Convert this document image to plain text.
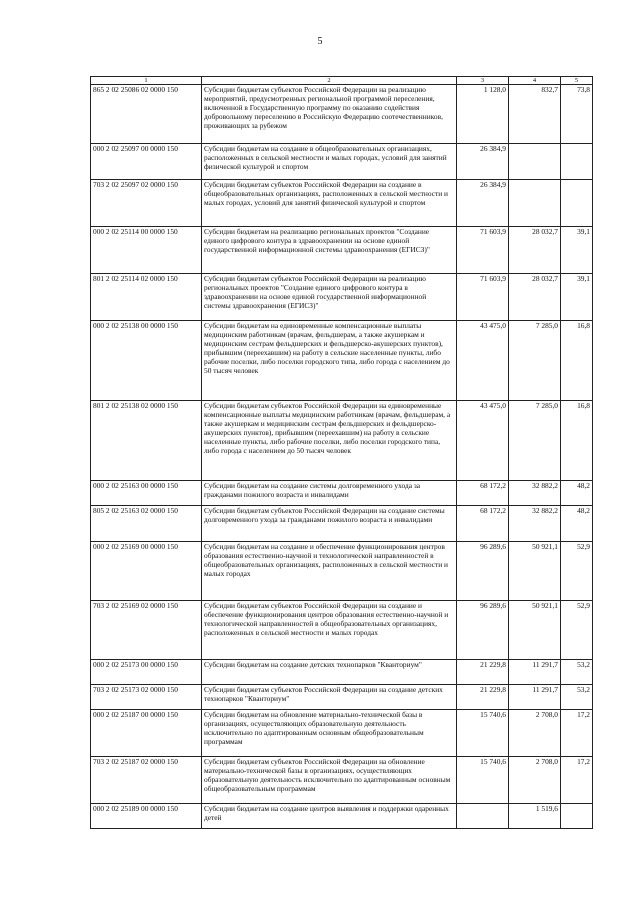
5
1	2	3	4	5
865 2 02 25086 02 0000 150	Субсидии бюджетам субъектов Российской Федерации на реализацию мероприятий, предусмотренных региональной программой переселения, включенной в Государственную программу по оказанию содействия добровольному переселению в Российскую Федерацию соотечественников, проживающих за рубежом	1 128,0	832,7	73,8
000 2 02 25097 00 0000 150	Субсидии бюджетам на создание в общеобразовательных организациях, расположенных в сельской местности и малых городах, условий для занятий физической культурой и спортом	26 384,9		
703 2 02 25097 02 0000 150	Субсидии бюджетам субъектов Российской Федерации на создание в общеобразовательных организациях, расположенных в сельской местности и малых городах, условий для занятий физической культурой и спортом	26 384,9		
000 2 02 25114 00 0000 150	Субсидии бюджетам на реализацию региональных проектов "Создание единого цифрового контура в здравоохранении на основе единой государственной информационной системы здравоохранения (ЕГИСЗ)"	71 603,9	28 032,7	39,1
801 2 02 25114 02 0000 150	Субсидии бюджетам субъектов Российской Федерации на реализацию региональных проектов "Создание единого цифрового контура в здравоохранении на основе единой государственной информационной системы здравоохранения (ЕГИСЗ)"	71 603,9	28 032,7	39,1
000 2 02 25138 00 0000 150	Субсидии бюджетам на единовременные компенсационные выплаты медицинским работникам (врачам, фельдшерам, а также акушеркам и медицинским сестрам фельдшерских и фельдшерско-акушерских пунктов), прибывшим (переехавшим) на работу в сельские населенные пункты, либо рабочие поселки, либо поселки городского типа, либо города с населением до 50 тысяч человек	43 475,0	7 285,0	16,8
801 2 02 25138 02 0000 150	Субсидии бюджетам субъектов Российской Федерации на единовременные компенсационные выплаты медицинским работникам (врачам, фельдшерам, а также акушеркам и медицинским сестрам фельдшерских и фельдшерско-акушерских пунктов), прибывшим (переехавшим) на работу в сельские населенные пункты, либо рабочие поселки, либо поселки городского типа, либо города с населением до 50 тысяч человек	43 475,0	7 285,0	16,8
000 2 02 25163 00 0000 150	Субсидии бюджетам на создание системы долговременного ухода за гражданами пожилого возраста и инвалидами	68 172,2	32 882,2	48,2
805 2 02 25163 02 0000 150	Субсидии бюджетам субъектов Российской Федерации на создание системы долговременного ухода за гражданами пожилого возраста и инвалидами	68 172,2	32 882,2	48,2
000 2 02 25169 00 0000 150	Субсидии бюджетам на создание и обеспечение функционирования центров образования естественно-научной и технологической направленностей в общеобразовательных организациях, расположенных в сельской местности и малых городах	96 289,6	50 921,1	52,9
703 2 02 25169 02 0000 150	Субсидии бюджетам субъектов Российской Федерации на создание и обеспечение функционирования центров образования естественно-научной и технологической направленностей в общеобразовательных организациях, расположенных в сельской местности и малых городах	96 289,6	50 921,1	52,9
000 2 02 25173 00 0000 150	Субсидии бюджетам на создание детских технопарков "Кванториум"	21 229,8	11 291,7	53,2
703 2 02 25173 02 0000 150	Субсидии бюджетам субъектов Российской Федерации на создание детских технопарков "Кванториум"	21 229,8	11 291,7	53,2
000 2 02 25187 00 0000 150	Субсидии бюджетам на обновление материально-технической базы в организациях, осуществляющих образовательную деятельность исключительно по адаптированным основным общеобразовательным программам	15 740,6	2 708,0	17,2
703 2 02 25187 02 0000 150	Субсидии бюджетам субъектов Российской Федерации на обновление материально-технической базы в организациях, осуществляющих образовательную деятельность исключительно по адаптированным основным общеобразовательным программам	15 740,6	2 708,0	17,2
000 2 02 25189 00 0000 150	Субсидии бюджетам на создание центров выявления и поддержки одаренных детей		1 519,6	
